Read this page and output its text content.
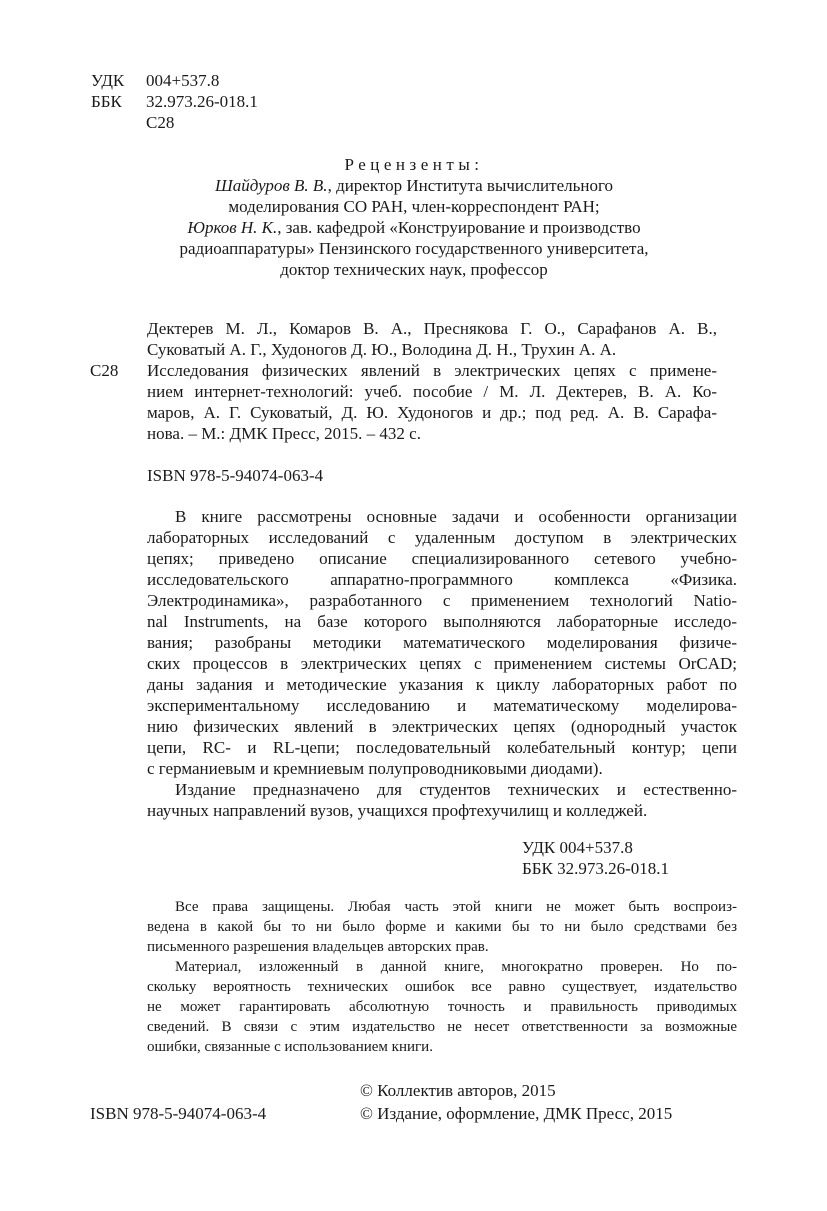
УДК	004+537.8
ББК	32.973.26-018.1
С28
Рецензенты:
Шайдуров В. В., директор Института вычислительного
моделирования СО РАН, член-корреспондент РАН;
Юрков Н. К., зав. кафедрой «Конструирование и производство
радиоаппаратуры» Пензинского государственного университета,
доктор технических наук, профессор
С28
Дектерев М. Л., Комаров В. А., Преснякова Г. О., Сарафанов А. В.,
Суковатый А. Г., Худоногов Д. Ю., Володина Д. Н., Трухин А. А.
Исследования физических явлений в электрических цепях с примене-
нием интернет-технологий: учеб. пособие / М. Л. Дектерев, В. А. Ко-
маров, А. Г. Суковатый, Д. Ю. Худоногов и др.; под ред. А. В. Сарафа-
нова. – М.: ДМК Пресс, 2015. – 432 с.
ISBN 978-5-94074-063-4
В книге рассмотрены основные задачи и особенности организации
лабораторных исследований с удаленным доступом в электрических
цепях; приведено описание специализированного сетевого учебно-
исследовательского аппаратно-программного комплекса «Физика.
Электродинамика», разработанного с применением технологий Natio-
nal Instruments, на базе которого выполняются лабораторные исследо-
вания; разобраны методики математического моделирования физиче-
ских процессов в электрических цепях с применением системы OrCAD;
даны задания и методические указания к циклу лабораторных работ по
экспериментальному исследованию и математическому моделирова-
нию физических явлений в электрических цепях (однородный участок
цепи, RC- и RL-цепи; последовательный колебательный контур; цепи
с германиевым и кремниевым полупроводниковыми диодами).
Издание предназначено для студентов технических и естественно-
научных направлений вузов, учащихся профтехучилищ и колледжей.
УДК 004+537.8
ББК 32.973.26-018.1
Все права защищены. Любая часть этой книги не может быть воспроиз-
ведена в какой бы то ни было форме и какими бы то ни было средствами без
письменного разрешения владельцев авторских прав.
Материал, изложенный в данной книге, многократно проверен. Но по-
скольку вероятность технических ошибок все равно существует, издательство
не может гарантировать абсолютную точность и правильность приводимых
сведений. В связи с этим издательство не несет ответственности за возможные
ошибки, связанные с использованием книги.
ISBN 978-5-94074-063-4
© Коллектив авторов, 2015
© Издание, оформление, ДМК Пресс, 2015
